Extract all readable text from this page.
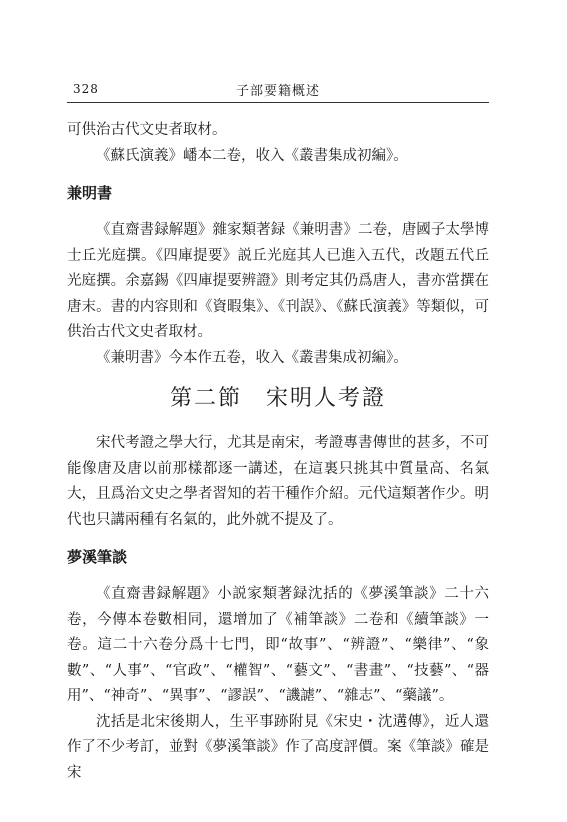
328	子部要籍概述

可供治古代文史者取材。

《蘇氏演義》嶓本二卷，收入《叢書集成初編》。

兼明書

《直齋書録解題》雜家類著録《兼明書》二卷，唐國子太學博士丘光庭撰。《四庫提要》説丘光庭其人已進入五代，改題五代丘光庭撰。余嘉錫《四庫提要辨證》則考定其仍爲唐人，書亦當撰在唐末。書的内容則和《資暇集》、《刊誤》、《蘇氏演義》等類似，可供治古代文史者取材。

《兼明書》今本作五卷，收入《叢書集成初編》。

第二節　宋明人考證

宋代考證之學大行，尤其是南宋，考證專書傳世的甚多，不可能像唐及唐以前那樣都逐一講述，在這裏只挑其中質量高、名氣大，且爲治文史之學者習知的若干種作介紹。元代這類著作少。明代也只講兩種有名氣的，此外就不提及了。

夢溪筆談

《直齋書録解題》小説家類著録沈括的《夢溪筆談》二十六卷，今傳本卷數相同，還增加了《補筆談》二卷和《續筆談》一卷。這二十六卷分爲十七門，即“故事”、“辨證”、“樂律”、“象數”、“人事”、“官政”、“權智”、“藝文”、“書畫”、“技藝”、“器用”、“神奇”、“異事”、“謬誤”、“譏謔”、“雜志”、“藥議”。

沈括是北宋後期人，生平事跡附見《宋史・沈遘傳》，近人還作了不少考訂，並對《夢溪筆談》作了高度評價。案《筆談》確是宋
